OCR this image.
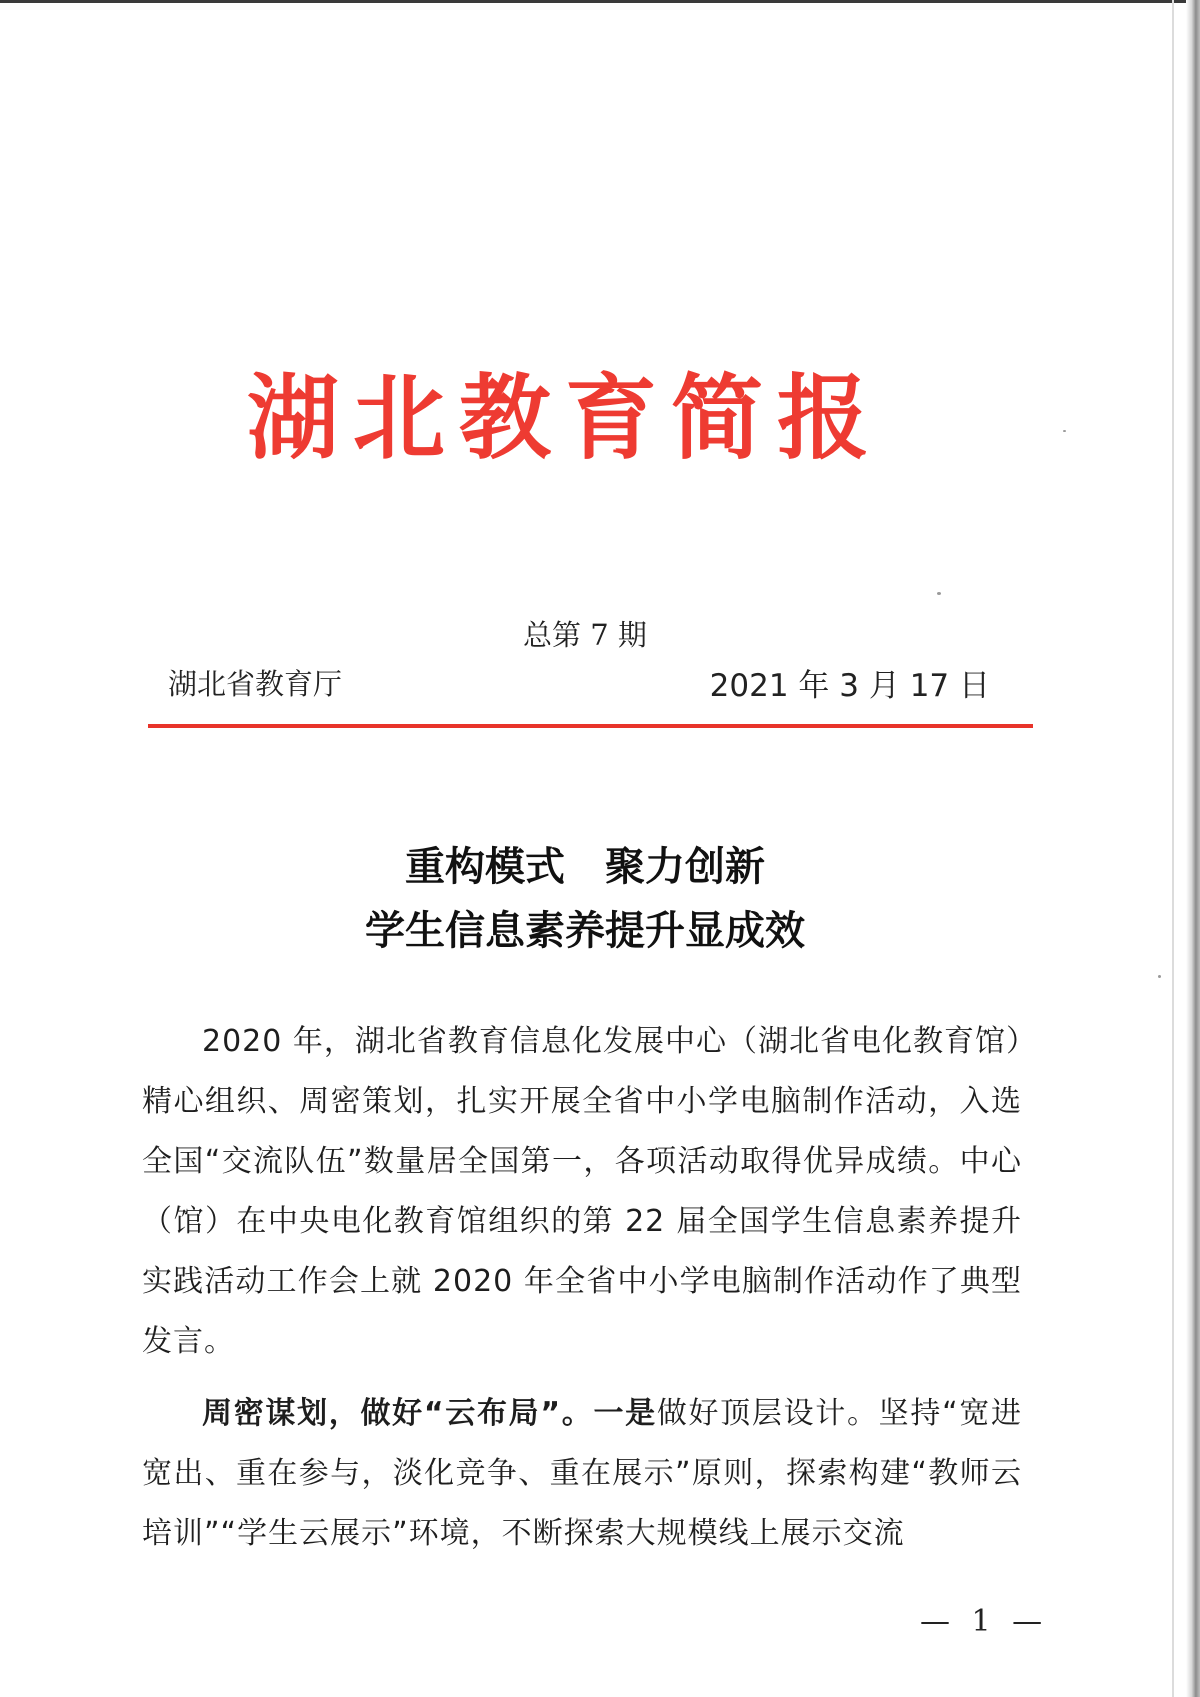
湖北教育简报
总第 7 期
湖北省教育厅	2021 年 3 月 17 日
重构模式　聚力创新
学生信息素养提升显成效

2020 年，湖北省教育信息化发展中心（湖北省电化教育馆）精心组织、周密策划，扎实开展全省中小学电脑制作活动，入选全国“交流队伍”数量居全国第一，各项活动取得优异成绩。中心（馆）在中央电化教育馆组织的第 22 届全国学生信息素养提升实践活动工作会上就 2020 年全省中小学电脑制作活动作了典型发言。

周密谋划，做好“云布局”。一是做好顶层设计。坚持“宽进宽出、重在参与，淡化竞争、重在展示”原则，探索构建“教师云培训”“学生云展示”环境，不断探索大规模线上展示交流

— 1 —
